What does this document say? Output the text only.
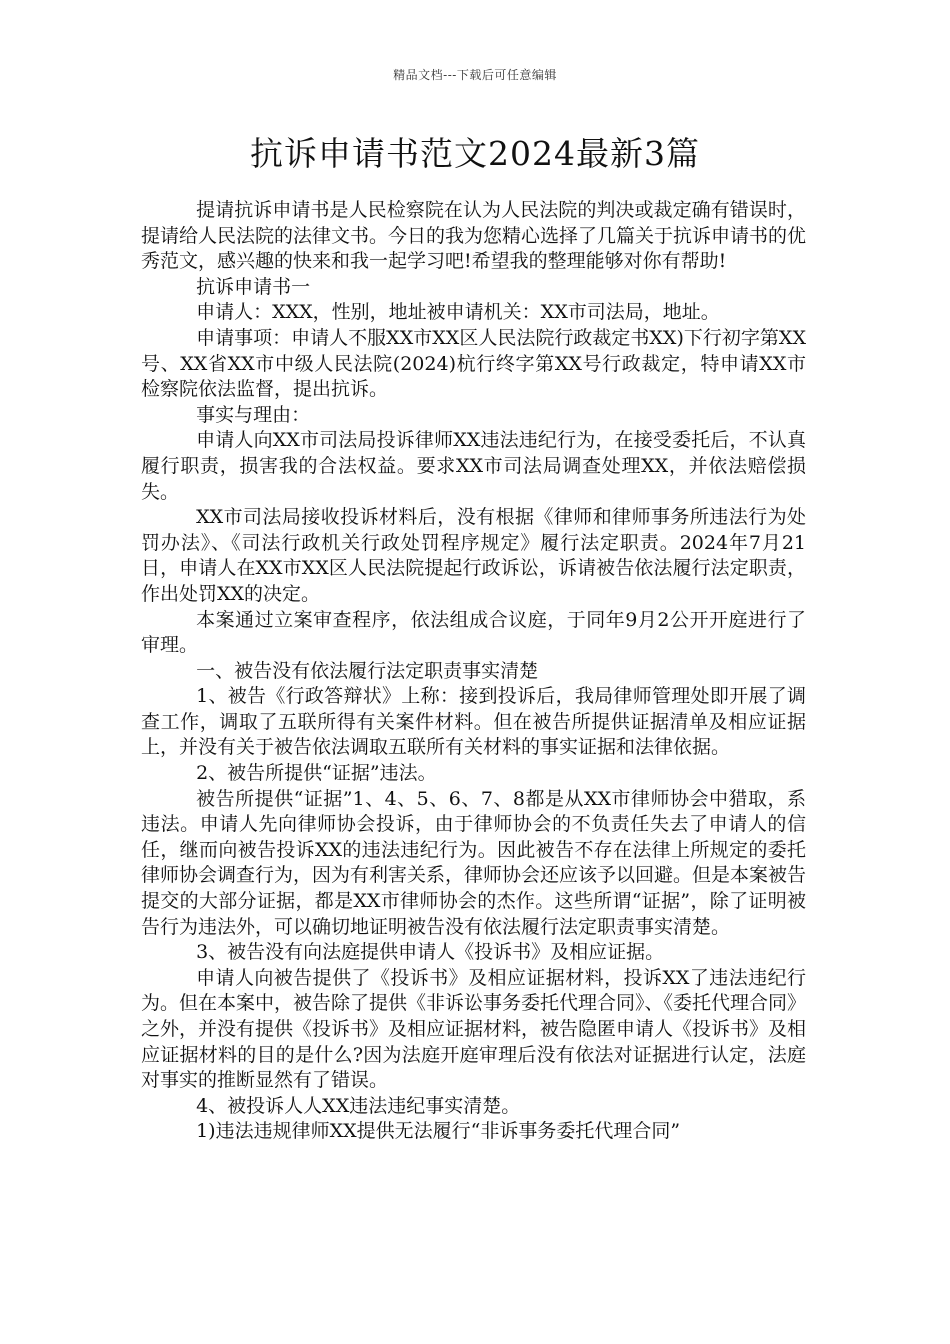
精品文档---下载后可任意编辑
抗诉申请书范文2024最新3篇

提请抗诉申请书是人民检察院在认为人民法院的判决或裁定确有错误时，提请给人民法院的法律文书。今日的我为您精心选择了几篇关于抗诉申请书的优秀范文，感兴趣的快来和我一起学习吧!希望我的整理能够对你有帮助!

抗诉申请书一

申请人：XXX，性别，地址被申请机关：XX市司法局，地址。

申请事项：申请人不服XX市XX区人民法院行政裁定书XX)下行初字第XX号、XX省XX市中级人民法院(2024)杭行终字第XX号行政裁定，特申请XX市检察院依法监督，提出抗诉。

事实与理由：

申请人向XX市司法局投诉律师XX违法违纪行为，在接受委托后，不认真履行职责，损害我的合法权益。要求XX市司法局调查处理XX，并依法赔偿损失。

XX市司法局接收投诉材料后，没有根据《律师和律师事务所违法行为处罚办法》、《司法行政机关行政处罚程序规定》履行法定职责。2024年7月21日，申请人在XX市XX区人民法院提起行政诉讼，诉请被告依法履行法定职责，作出处罚XX的决定。

本案通过立案审查程序，依法组成合议庭，于同年9月2公开开庭进行了审理。

一、被告没有依法履行法定职责事实清楚

1、被告《行政答辩状》上称：接到投诉后，我局律师管理处即开展了调查工作，调取了五联所得有关案件材料。但在被告所提供证据清单及相应证据上，并没有关于被告依法调取五联所有关材料的事实证据和法律依据。

2、被告所提供“证据”违法。

被告所提供“证据”1、4、5、6、7、8都是从XX市律师协会中猎取，系违法。申请人先向律师协会投诉，由于律师协会的不负责任失去了申请人的信任，继而向被告投诉XX的违法违纪行为。因此被告不存在法律上所规定的委托律师协会调查行为，因为有利害关系，律师协会还应该予以回避。但是本案被告提交的大部分证据，都是XX市律师协会的杰作。这些所谓“证据”，除了证明被告行为违法外，可以确切地证明被告没有依法履行法定职责事实清楚。

3、被告没有向法庭提供申请人《投诉书》及相应证据。

申请人向被告提供了《投诉书》及相应证据材料，投诉XX了违法违纪行为。但在本案中，被告除了提供《非诉讼事务委托代理合同》、《委托代理合同》之外，并没有提供《投诉书》及相应证据材料，被告隐匿申请人《投诉书》及相应证据材料的目的是什么?因为法庭开庭审理后没有依法对证据进行认定，法庭对事实的推断显然有了错误。

4、被投诉人人XX违法违纪事实清楚。

1)违法违规律师XX提供无法履行“非诉事务委托代理合同”
